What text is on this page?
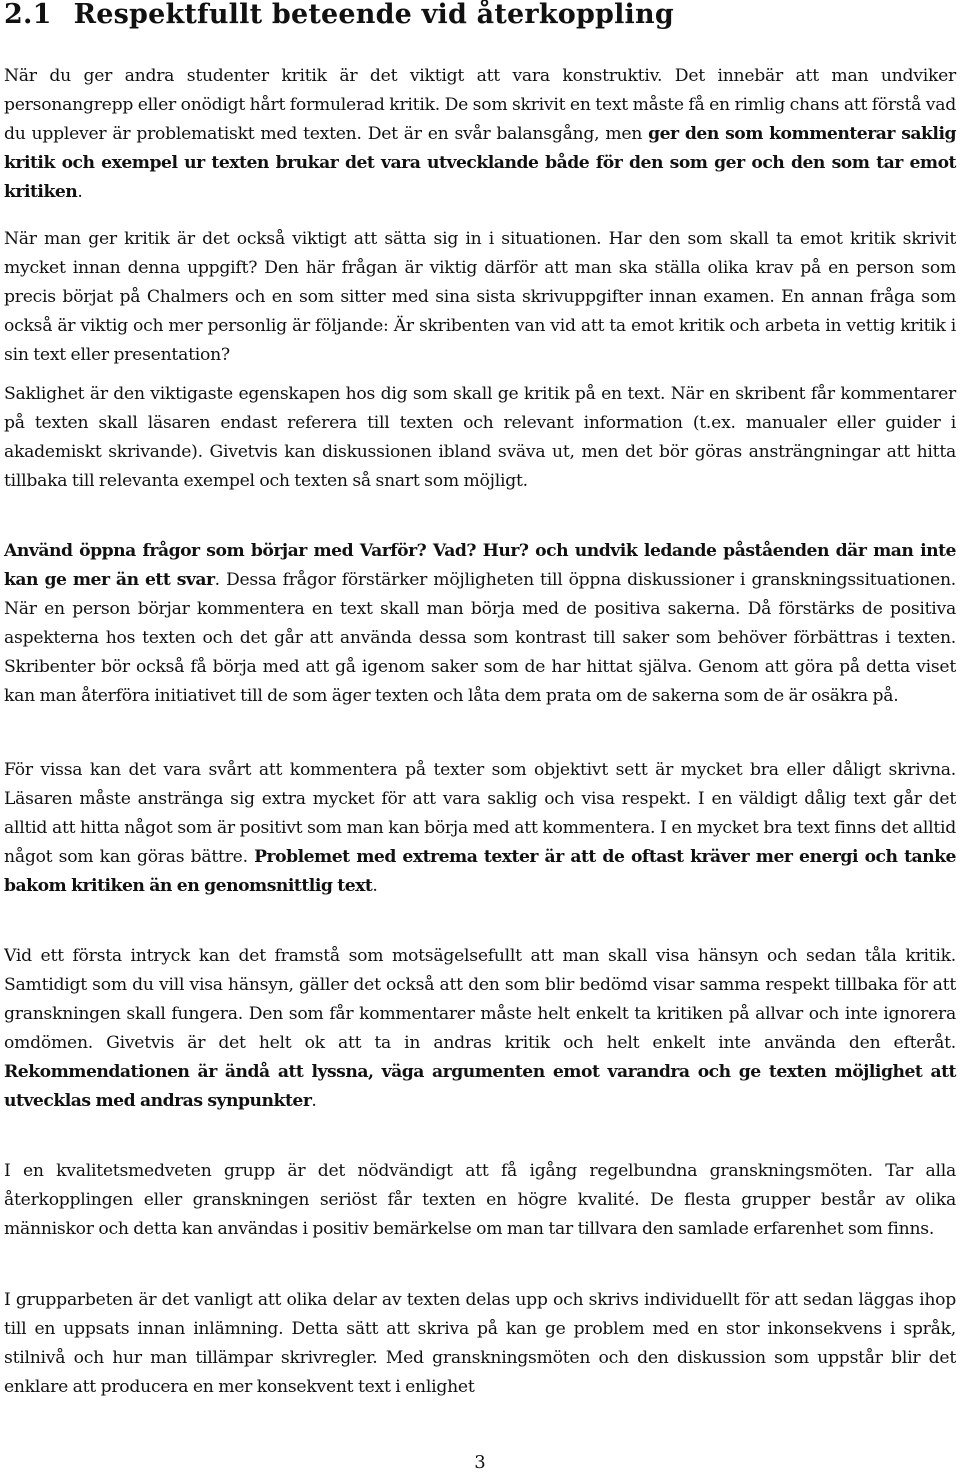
2.1 Respektfullt beteende vid återkoppling

När du ger andra studenter kritik är det viktigt att vara konstruktiv. Det innebär att man undviker personangrepp eller onödigt hårt formulerad kritik. De som skrivit en text måste få en rimlig chans att förstå vad du upplever är problematiskt med texten. Det är en svår balansgång, men ger den som kommenterar saklig kritik och exempel ur texten brukar det vara utvecklande både för den som ger och den som tar emot kritiken.

När man ger kritik är det också viktigt att sätta sig in i situationen. Har den som skall ta emot kritik skrivit mycket innan denna uppgift? Den här frågan är viktig därför att man ska ställa olika krav på en person som precis börjat på Chalmers och en som sitter med sina sista skrivuppgifter innan examen. En annan fråga som också är viktig och mer personlig är följande: Är skribenten van vid att ta emot kritik och arbeta in vettig kritik i sin text eller presentation?

Saklighet är den viktigaste egenskapen hos dig som skall ge kritik på en text. När en skribent får kommentarer på texten skall läsaren endast referera till texten och relevant information (t.ex. manualer eller guider i akademiskt skrivande). Givetvis kan diskussionen ibland sväva ut, men det bör göras ansträngningar att hitta tillbaka till relevanta exempel och texten så snart som möjligt.

Använd öppna frågor som börjar med Varför? Vad? Hur? och undvik ledande påståenden där man inte kan ge mer än ett svar. Dessa frågor förstärker möjligheten till öppna diskussioner i granskningssituationen. När en person börjar kommentera en text skall man börja med de positiva sakerna. Då förstärks de positiva aspekterna hos texten och det går att använda dessa som kontrast till saker som behöver förbättras i texten. Skribenter bör också få börja med att gå igenom saker som de har hittat själva. Genom att göra på detta viset kan man återföra initiativet till de som äger texten och låta dem prata om de sakerna som de är osäkra på.

För vissa kan det vara svårt att kommentera på texter som objektivt sett är mycket bra eller dåligt skrivna. Läsaren måste anstränga sig extra mycket för att vara saklig och visa respekt. I en väldigt dålig text går det alltid att hitta något som är positivt som man kan börja med att kommentera. I en mycket bra text finns det alltid något som kan göras bättre. Problemet med extrema texter är att de oftast kräver mer energi och tanke bakom kritiken än en genomsnittlig text.

Vid ett första intryck kan det framstå som motsägelsefullt att man skall visa hänsyn och sedan tåla kritik. Samtidigt som du vill visa hänsyn, gäller det också att den som blir bedömd visar samma respekt tillbaka för att granskningen skall fungera. Den som får kommentarer måste helt enkelt ta kritiken på allvar och inte ignorera omdömen. Givetvis är det helt ok att ta in andras kritik och helt enkelt inte använda den efteråt. Rekommendationen är ändå att lyssna, väga argumenten emot varandra och ge texten möjlighet att utvecklas med andras synpunkter.

I en kvalitetsmedveten grupp är det nödvändigt att få igång regelbundna granskningsmöten. Tar alla återkopplingen eller granskningen seriöst får texten en högre kvalité. De flesta grupper består av olika människor och detta kan användas i positiv bemärkelse om man tar tillvara den samlade erfarenhet som finns.

I grupparbeten är det vanligt att olika delar av texten delas upp och skrivs individuellt för att sedan läggas ihop till en uppsats innan inlämning. Detta sätt att skriva på kan ge problem med en stor inkonsekvens i språk, stilnivå och hur man tillämpar skrivregler. Med granskningsmöten och den diskussion som uppstår blir det enklare att producera en mer konsekvent text i enlighet

3
